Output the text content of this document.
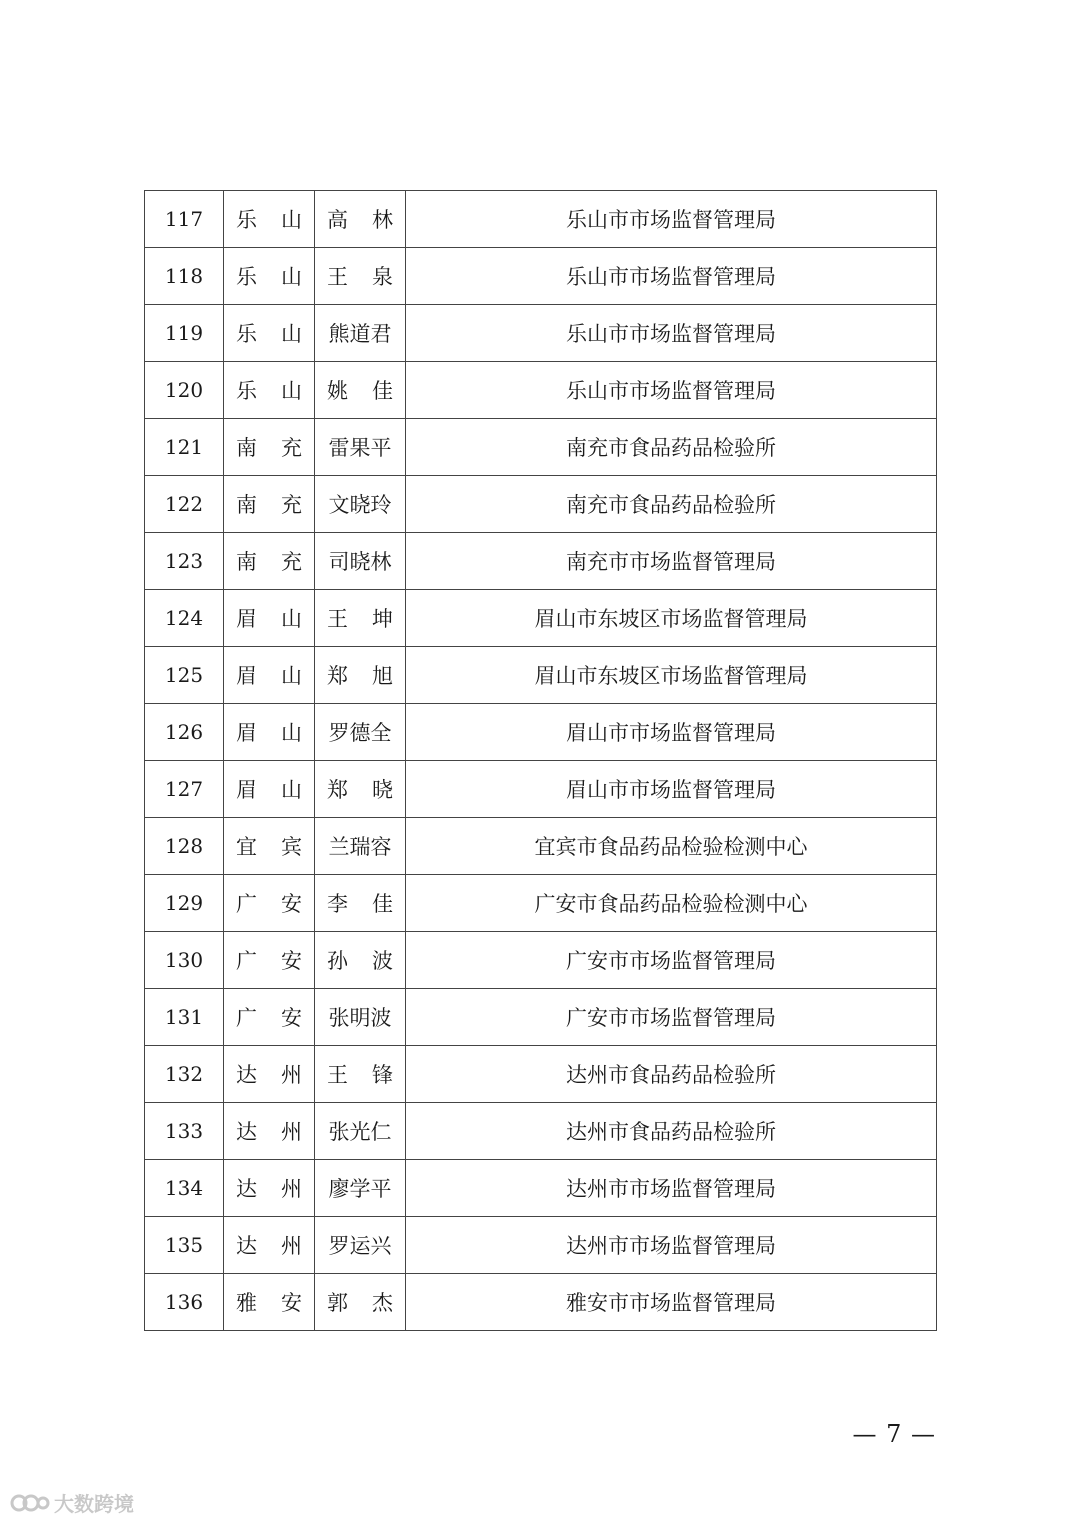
117	乐山	高林	乐山市市场监督管理局
118	乐山	王泉	乐山市市场监督管理局
119	乐山	熊道君	乐山市市场监督管理局
120	乐山	姚佳	乐山市市场监督管理局
121	南充	雷果平	南充市食品药品检验所
122	南充	文晓玲	南充市食品药品检验所
123	南充	司晓林	南充市市场监督管理局
124	眉山	王坤	眉山市东坡区市场监督管理局
125	眉山	郑旭	眉山市东坡区市场监督管理局
126	眉山	罗德全	眉山市市场监督管理局
127	眉山	郑晓	眉山市市场监督管理局
128	宜宾	兰瑞容	宜宾市食品药品检验检测中心
129	广安	李佳	广安市食品药品检验检测中心
130	广安	孙波	广安市市场监督管理局
131	广安	张明波	广安市市场监督管理局
132	达州	王锋	达州市食品药品检验所
133	达州	张光仁	达州市食品药品检验所
134	达州	廖学平	达州市市场监督管理局
135	达州	罗运兴	达州市市场监督管理局
136	雅安	郭杰	雅安市市场监督管理局
— 7 —
大数跨境
